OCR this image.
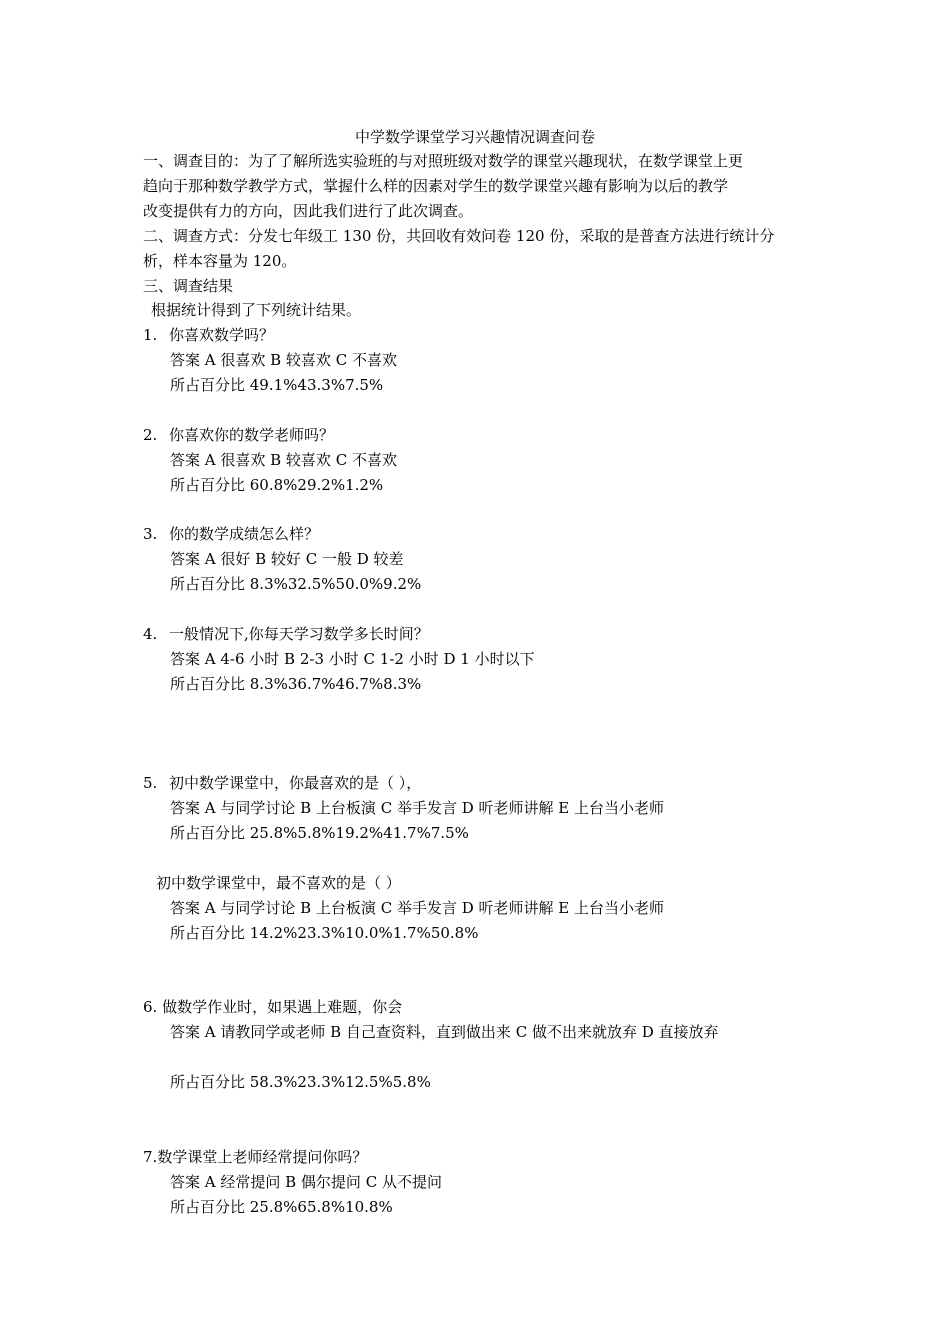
中学数学课堂学习兴趣情况调查问卷
一、调查目的：为了了解所选实验班的与对照班级对数学的课堂兴趣现状，在数学课堂上更
趋向于那种数学教学方式，掌握什么样的因素对学生的数学课堂兴趣有影响为以后的教学
改变提供有力的方向，因此我们进行了此次调查。
二、调查方式：分发七年级工 130 份，共回收有效问卷 120 份，采取的是普查方法进行统计分
析，样本容量为 120。
三、调查结果
根据统计得到了下列统计结果。
1. 你喜欢数学吗？
答案 A 很喜欢 B 较喜欢 C 不喜欢
所占百分比 49.1%43.3%7.5%
2. 你喜欢你的数学老师吗？
答案 A 很喜欢 B 较喜欢 C 不喜欢
所占百分比 60.8%29.2%1.2%
3. 你的数学成绩怎么样？
答案 A 很好 B 较好 C 一般 D 较差
所占百分比 8.3%32.5%50.0%9.2%
4. 一般情况下,你每天学习数学多长时间？
答案 A 4-6 小时 B 2-3 小时 C 1-2 小时 D 1 小时以下
所占百分比 8.3%36.7%46.7%8.3%
5. 初中数学课堂中，你最喜欢的是（ ），
答案 A 与同学讨论 B 上台板演 C 举手发言 D 听老师讲解 E 上台当小老师
所占百分比 25.8%5.8%19.2%41.7%7.5%
初中数学课堂中，最不喜欢的是（ ）
答案 A 与同学讨论 B 上台板演 C 举手发言 D 听老师讲解 E 上台当小老师
所占百分比 14.2%23.3%10.0%1.7%50.8%
6. 做数学作业时，如果遇上难题，你会
答案 A 请教同学或老师 B 自己查资料，直到做出来 C 做不出来就放弃 D 直接放弃
所占百分比 58.3%23.3%12.5%5.8%
7.数学课堂上老师经常提问你吗？
答案 A 经常提问 B 偶尔提问 C 从不提问
所占百分比 25.8%65.8%10.8%
